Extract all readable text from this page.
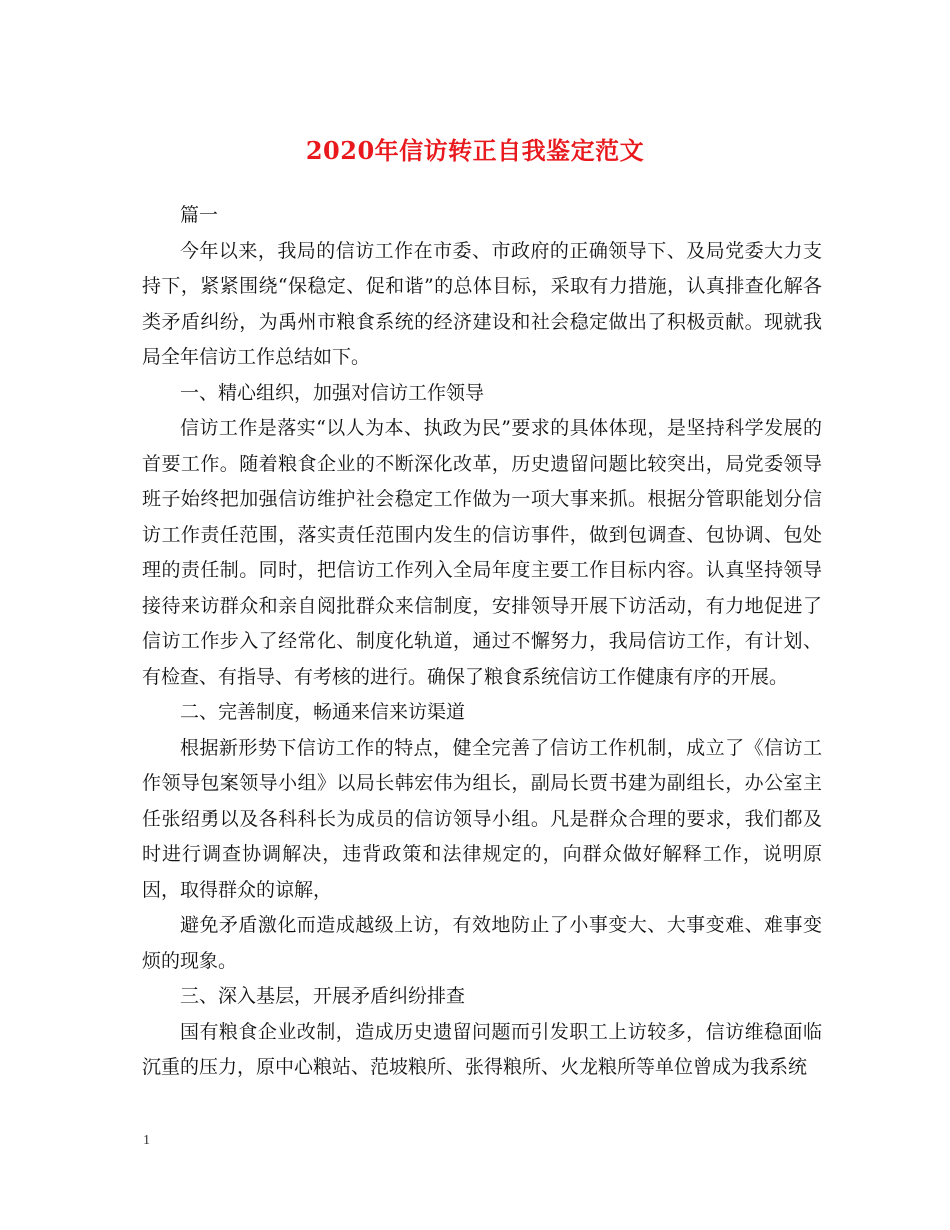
2020年信访转正自我鉴定范文

篇一

今年以来，我局的信访工作在市委、市政府的正确领导下、及局党委大力支持下，紧紧围绕“保稳定、促和谐”的总体目标，采取有力措施，认真排查化解各类矛盾纠纷，为禹州市粮食系统的经济建设和社会稳定做出了积极贡献。现就我局全年信访工作总结如下。

一、精心组织，加强对信访工作领导

信访工作是落实“以人为本、执政为民”要求的具体体现，是坚持科学发展的首要工作。随着粮食企业的不断深化改革，历史遗留问题比较突出，局党委领导班子始终把加强信访维护社会稳定工作做为一项大事来抓。根据分管职能划分信访工作责任范围，落实责任范围内发生的信访事件，做到包调查、包协调、包处理的责任制。同时，把信访工作列入全局年度主要工作目标内容。认真坚持领导接待来访群众和亲自阅批群众来信制度，安排领导开展下访活动，有力地促进了信访工作步入了经常化、制度化轨道，通过不懈努力，我局信访工作，有计划、有检查、有指导、有考核的进行。确保了粮食系统信访工作健康有序的开展。

二、完善制度，畅通来信来访渠道

根据新形势下信访工作的特点，健全完善了信访工作机制，成立了《信访工作领导包案领导小组》以局长韩宏伟为组长，副局长贾书建为副组长，办公室主任张绍勇以及各科科长为成员的信访领导小组。凡是群众合理的要求，我们都及时进行调查协调解决，违背政策和法律规定的，向群众做好解释工作，说明原因，取得群众的谅解，

避免矛盾激化而造成越级上访，有效地防止了小事变大、大事变难、难事变烦的现象。

三、深入基层，开展矛盾纠纷排查

国有粮食企业改制，造成历史遗留问题而引发职工上访较多，信访维稳面临沉重的压力，原中心粮站、范坡粮所、张得粮所、火龙粮所等单位曾成为我系统

1
